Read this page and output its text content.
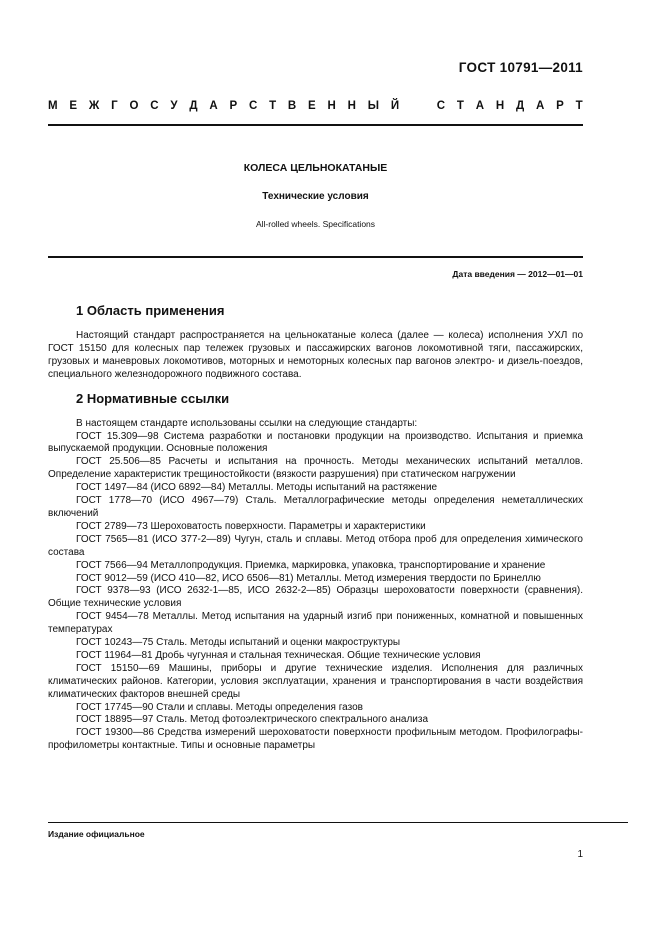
ГОСТ 10791—2011
М Е Ж Г О С У Д А Р С Т В Е Н Н Ы Й	С Т А Н Д А Р Т
КОЛЕСА ЦЕЛЬНОКАТАНЫЕ
Технические условия
All-rolled wheels. Specifications
Дата введения — 2012—01—01
1 Область применения

Настоящий стандарт распространяется на цельнокатаные колеса (далее — колеса) исполнения УХЛ по ГОСТ 15150 для колесных пар тележек грузовых и пассажирских вагонов локомотивной тяги, пассажирских, грузовых и маневровых локомотивов, моторных и немоторных колесных пар вагонов электро- и дизель-поездов, специального железнодорожного подвижного состава.

2 Нормативные ссылки

В настоящем стандарте использованы ссылки на следующие стандарты:

ГОСТ 15.309—98 Система разработки и постановки продукции на производство. Испытания и приемка выпускаемой продукции. Основные положения

ГОСТ 25.506—85 Расчеты и испытания на прочность. Методы механических испытаний металлов. Определение характеристик трещиностойкости (вязкости разрушения) при статическом нагружении

ГОСТ 1497—84 (ИСО 6892—84) Металлы. Методы испытаний на растяжение

ГОСТ 1778—70 (ИСО 4967—79) Сталь. Металлографические методы определения неметаллических включений

ГОСТ 2789—73 Шероховатость поверхности. Параметры и характеристики

ГОСТ 7565—81 (ИСО 377-2—89) Чугун, сталь и сплавы. Метод отбора проб для определения химического состава

ГОСТ 7566—94 Металлопродукция. Приемка, маркировка, упаковка, транспортирование и хранение

ГОСТ 9012—59 (ИСО 410—82, ИСО 6506—81) Металлы. Метод измерения твердости по Бринеллю

ГОСТ 9378—93 (ИСО 2632-1—85, ИСО 2632-2—85) Образцы шероховатости поверхности (сравнения). Общие технические условия

ГОСТ 9454—78 Металлы. Метод испытания на ударный изгиб при пониженных, комнатной и повышенных температурах

ГОСТ 10243—75 Сталь. Методы испытаний и оценки макроструктуры

ГОСТ 11964—81 Дробь чугунная и стальная техническая. Общие технические условия

ГОСТ 15150—69 Машины, приборы и другие технические изделия. Исполнения для различных климатических районов. Категории, условия эксплуатации, хранения и транспортирования в части воздействия климатических факторов внешней среды

ГОСТ 17745—90 Стали и сплавы. Методы определения газов

ГОСТ 18895—97 Сталь. Метод фотоэлектрического спектрального анализа

ГОСТ 19300—86 Средства измерений шероховатости поверхности профильным методом. Профилографы-профилометры контактные. Типы и основные параметры

Издание официальное
1
